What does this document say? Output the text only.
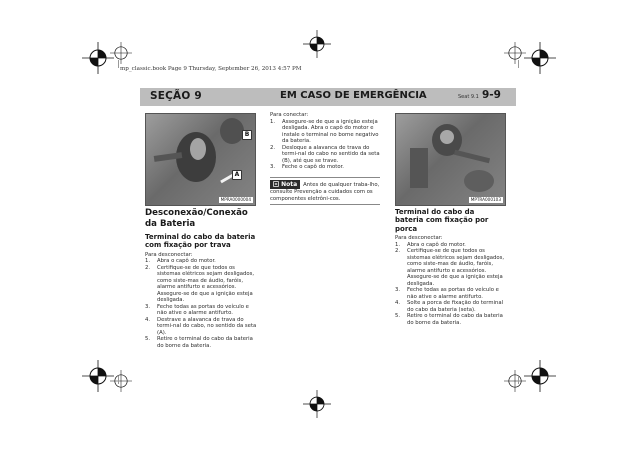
mp_classic.book Page 9 Thursday, September 26, 2013 4:57 PM
SEÇÃO 9	EM CASO DE EMERGÊNCIA	Seat 9.1 9-9
B
A
MPRA0000004

Desconexão/Conexão da Bateria

Terminal do cabo da bateria com fixação por trava

Para desconectar:

1. Abra o capô do motor.
2. Certifique-se de que todos os sistemas elétricos sejam desligados, como siste-mas de áudio, faróis, alarme antifurto e acessórios. Assegure-se de que a ignição esteja desligada.
3. Feche todas as portas do veículo e não ative o alarme antifurto.
4. Destrave a alavanca de trava do termi-nal do cabo, no sentido da seta (A).
5. Retire o terminal do cabo da bateria do borne da bateria.

Para conectar:

1. Assegure-se de que a ignição esteja desligada. Abra o capô do motor e instale o terminal no borne negativo da bateria.
2. Desloque a alavanca de trava do termi-nal do cabo no sentido da seta (B), até que se trave.
3. Feche o capô do motor.

Nota Antes de qualquer traba-lho, consulte Prevenção a cuidados com os componentes eletrôni-cos.	MPTRA000103

Terminal do cabo da bateria com fixação por porca

Para desconectar:

1. Abra o capô do motor.
2. Certifique-se de que todos os sistemas elétricos sejam desligados, como siste-mas de áudio, faróis, alarme antifurto e acessórios. Assegure-se de que a ignição esteja desligada.
3. Feche todas as portas do veículo e não ative o alarme antifurto.
4. Solte a porca de fixação do terminal do cabo da bateria (seta).
5. Retire o terminal do cabo da bateria do borne da bateria.
